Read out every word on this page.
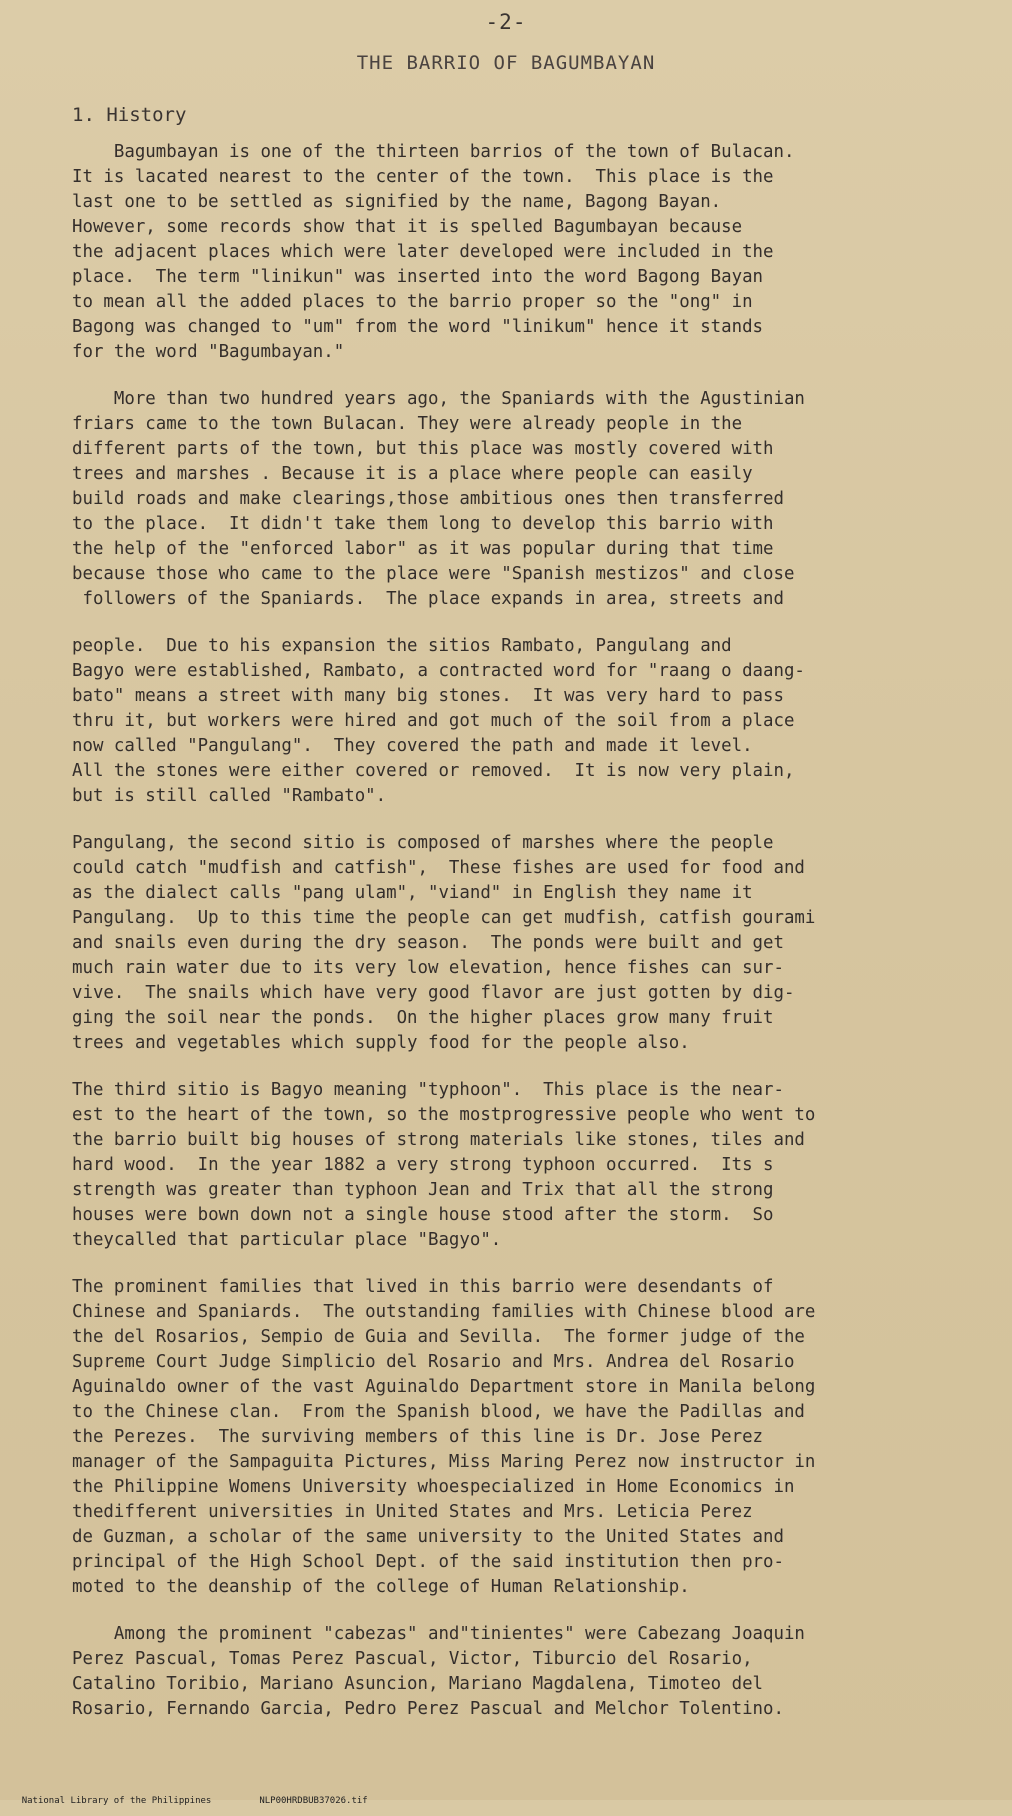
-2-
THE BARRIO OF BAGUMBAYAN
1. History

Bagumbayan is one of the thirteen barrios of the town of Bulacan.
It is lacated nearest to the center of the town.  This place is the
last one to be settled as signified by the name, Bagong Bayan.
However, some records show that it is spelled Bagumbayan because
the adjacent places which were later developed were included in the
place.  The term "linikun" was inserted into the word Bagong Bayan
to mean all the added places to the barrio proper so the "ong" in
Bagong was changed to "um" from the word "linikum" hence it stands
for the word "Bagumbayan."

More than two hundred years ago, the Spaniards with the Agustinian
friars came to the town Bulacan. They were already people in the
different parts of the town, but this place was mostly covered with
trees and marshes . Because it is a place where people can easily
build roads and make clearings,those ambitious ones then transferred
to the place.  It didn't take them long to develop this barrio with
the help of the "enforced labor" as it was popular during that time
because those who came to the place were "Spanish mestizos" and close
followers of the Spaniards.  The place expands in area, streets and

people.  Due to his expansion the sitios Rambato, Pangulang and
Bagyo were established, Rambato, a contracted word for "raang o daang-
bato" means a street with many big stones.  It was very hard to pass
thru it, but workers were hired and got much of the soil from a place
now called "Pangulang".  They covered the path and made it level.
All the stones were either covered or removed.  It is now very plain,
but is still called "Rambato".

Pangulang, the second sitio is composed of marshes where the people
could catch "mudfish and catfish",  These fishes are used for food and
as the dialect calls "pang ulam", "viand" in English they name it
Pangulang.  Up to this time the people can get mudfish, catfish gourami
and snails even during the dry season.  The ponds were built and get
much rain water due to its very low elevation, hence fishes can sur-
vive.  The snails which have very good flavor are just gotten by dig-
ging the soil near the ponds.  On the higher places grow many fruit
trees and vegetables which supply food for the people also.

The third sitio is Bagyo meaning "typhoon".  This place is the near-
est to the heart of the town, so the mostprogressive people who went to
the barrio built big houses of strong materials like stones, tiles and
hard wood.  In the year 1882 a very strong typhoon occurred.  Its s
strength was greater than typhoon Jean and Trix that all the strong
houses were bown down not a single house stood after the storm.  So
theycalled that particular place "Bagyo".

The prominent families that lived in this barrio were desendants of
Chinese and Spaniards.  The outstanding families with Chinese blood are
the del Rosarios, Sempio de Guia and Sevilla.  The former judge of the
Supreme Court Judge Simplicio del Rosario and Mrs. Andrea del Rosario
Aguinaldo owner of the vast Aguinaldo Department store in Manila belong
to the Chinese clan.  From the Spanish blood, we have the Padillas and
the Perezes.  The surviving members of this line is Dr. Jose Perez
manager of the Sampaguita Pictures, Miss Maring Perez now instructor in
the Philippine Womens University whoespecialized in Home Economics in
thedifferent universities in United States and Mrs. Leticia Perez
de Guzman, a scholar of the same university to the United States and
principal of the High School Dept. of the said institution then pro-
moted to the deanship of the college of Human Relationship.

Among the prominent "cabezas" and"tinientes" were Cabezang Joaquin
Perez Pascual, Tomas Perez Pascual, Victor, Tiburcio del Rosario,
Catalino Toribio, Mariano Asuncion, Mariano Magdalena, Timoteo del
Rosario, Fernando Garcia, Pedro Perez Pascual and Melchor Tolentino.

National Library of the Philippines	NLP00HRDBUB37026.tif
